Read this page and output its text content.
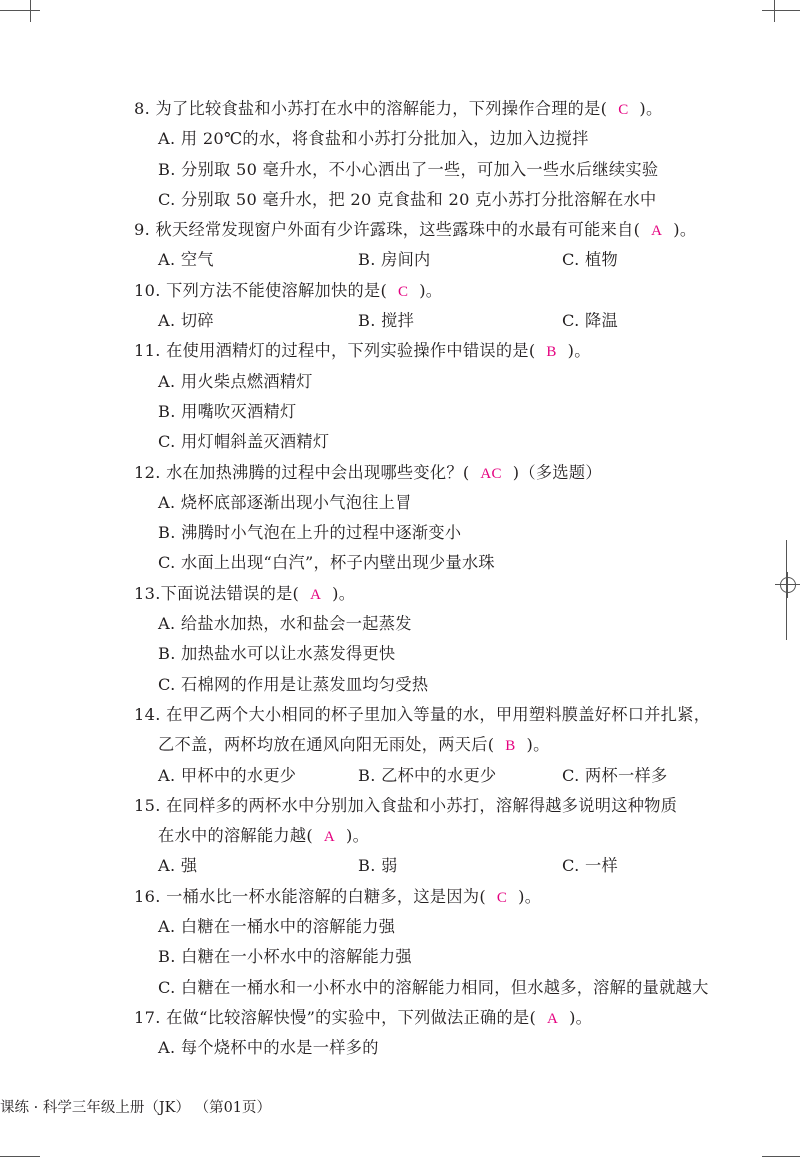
8. 为了比较食盐和小苏打在水中的溶解能力，下列操作合理的是( C )。
A. 用 20℃的水，将食盐和小苏打分批加入，边加入边搅拌
B. 分别取 50 毫升水，不小心洒出了一些，可加入一些水后继续实验
C. 分别取 50 毫升水，把 20 克食盐和 20 克小苏打分批溶解在水中
9. 秋天经常发现窗户外面有少许露珠，这些露珠中的水最有可能来自( A )。
A. 空气	B. 房间内	C. 植物
10. 下列方法不能使溶解加快的是( C )。
A. 切碎	B. 搅拌	C. 降温
11. 在使用酒精灯的过程中，下列实验操作中错误的是( B )。
A. 用火柴点燃酒精灯
B. 用嘴吹灭酒精灯
C. 用灯帽斜盖灭酒精灯
12. 水在加热沸腾的过程中会出现哪些变化？( AC )（多选题）
A. 烧杯底部逐渐出现小气泡往上冒
B. 沸腾时小气泡在上升的过程中逐渐变小
C. 水面上出现“白汽”，杯子内壁出现少量水珠
13.下面说法错误的是( A )。
A. 给盐水加热，水和盐会一起蒸发
B. 加热盐水可以让水蒸发得更快
C. 石棉网的作用是让蒸发皿均匀受热
14. 在甲乙两个大小相同的杯子里加入等量的水，甲用塑料膜盖好杯口并扎紧，
乙不盖，两杯均放在通风向阳无雨处，两天后( B )。
A. 甲杯中的水更少	B. 乙杯中的水更少	C. 两杯一样多
15. 在同样多的两杯水中分别加入食盐和小苏打，溶解得越多说明这种物质
在水中的溶解能力越( A )。
A. 强	B. 弱	C. 一样
16. 一桶水比一杯水能溶解的白糖多，这是因为( C )。
A. 白糖在一桶水中的溶解能力强
B. 白糖在一小杯水中的溶解能力强
C. 白糖在一桶水和一小杯水中的溶解能力相同，但水越多，溶解的量就越大
17. 在做“比较溶解快慢”的实验中，下列做法正确的是( A )。
A. 每个烧杯中的水是一样多的
课练 · 科学三年级上册（JK） （第01页）
